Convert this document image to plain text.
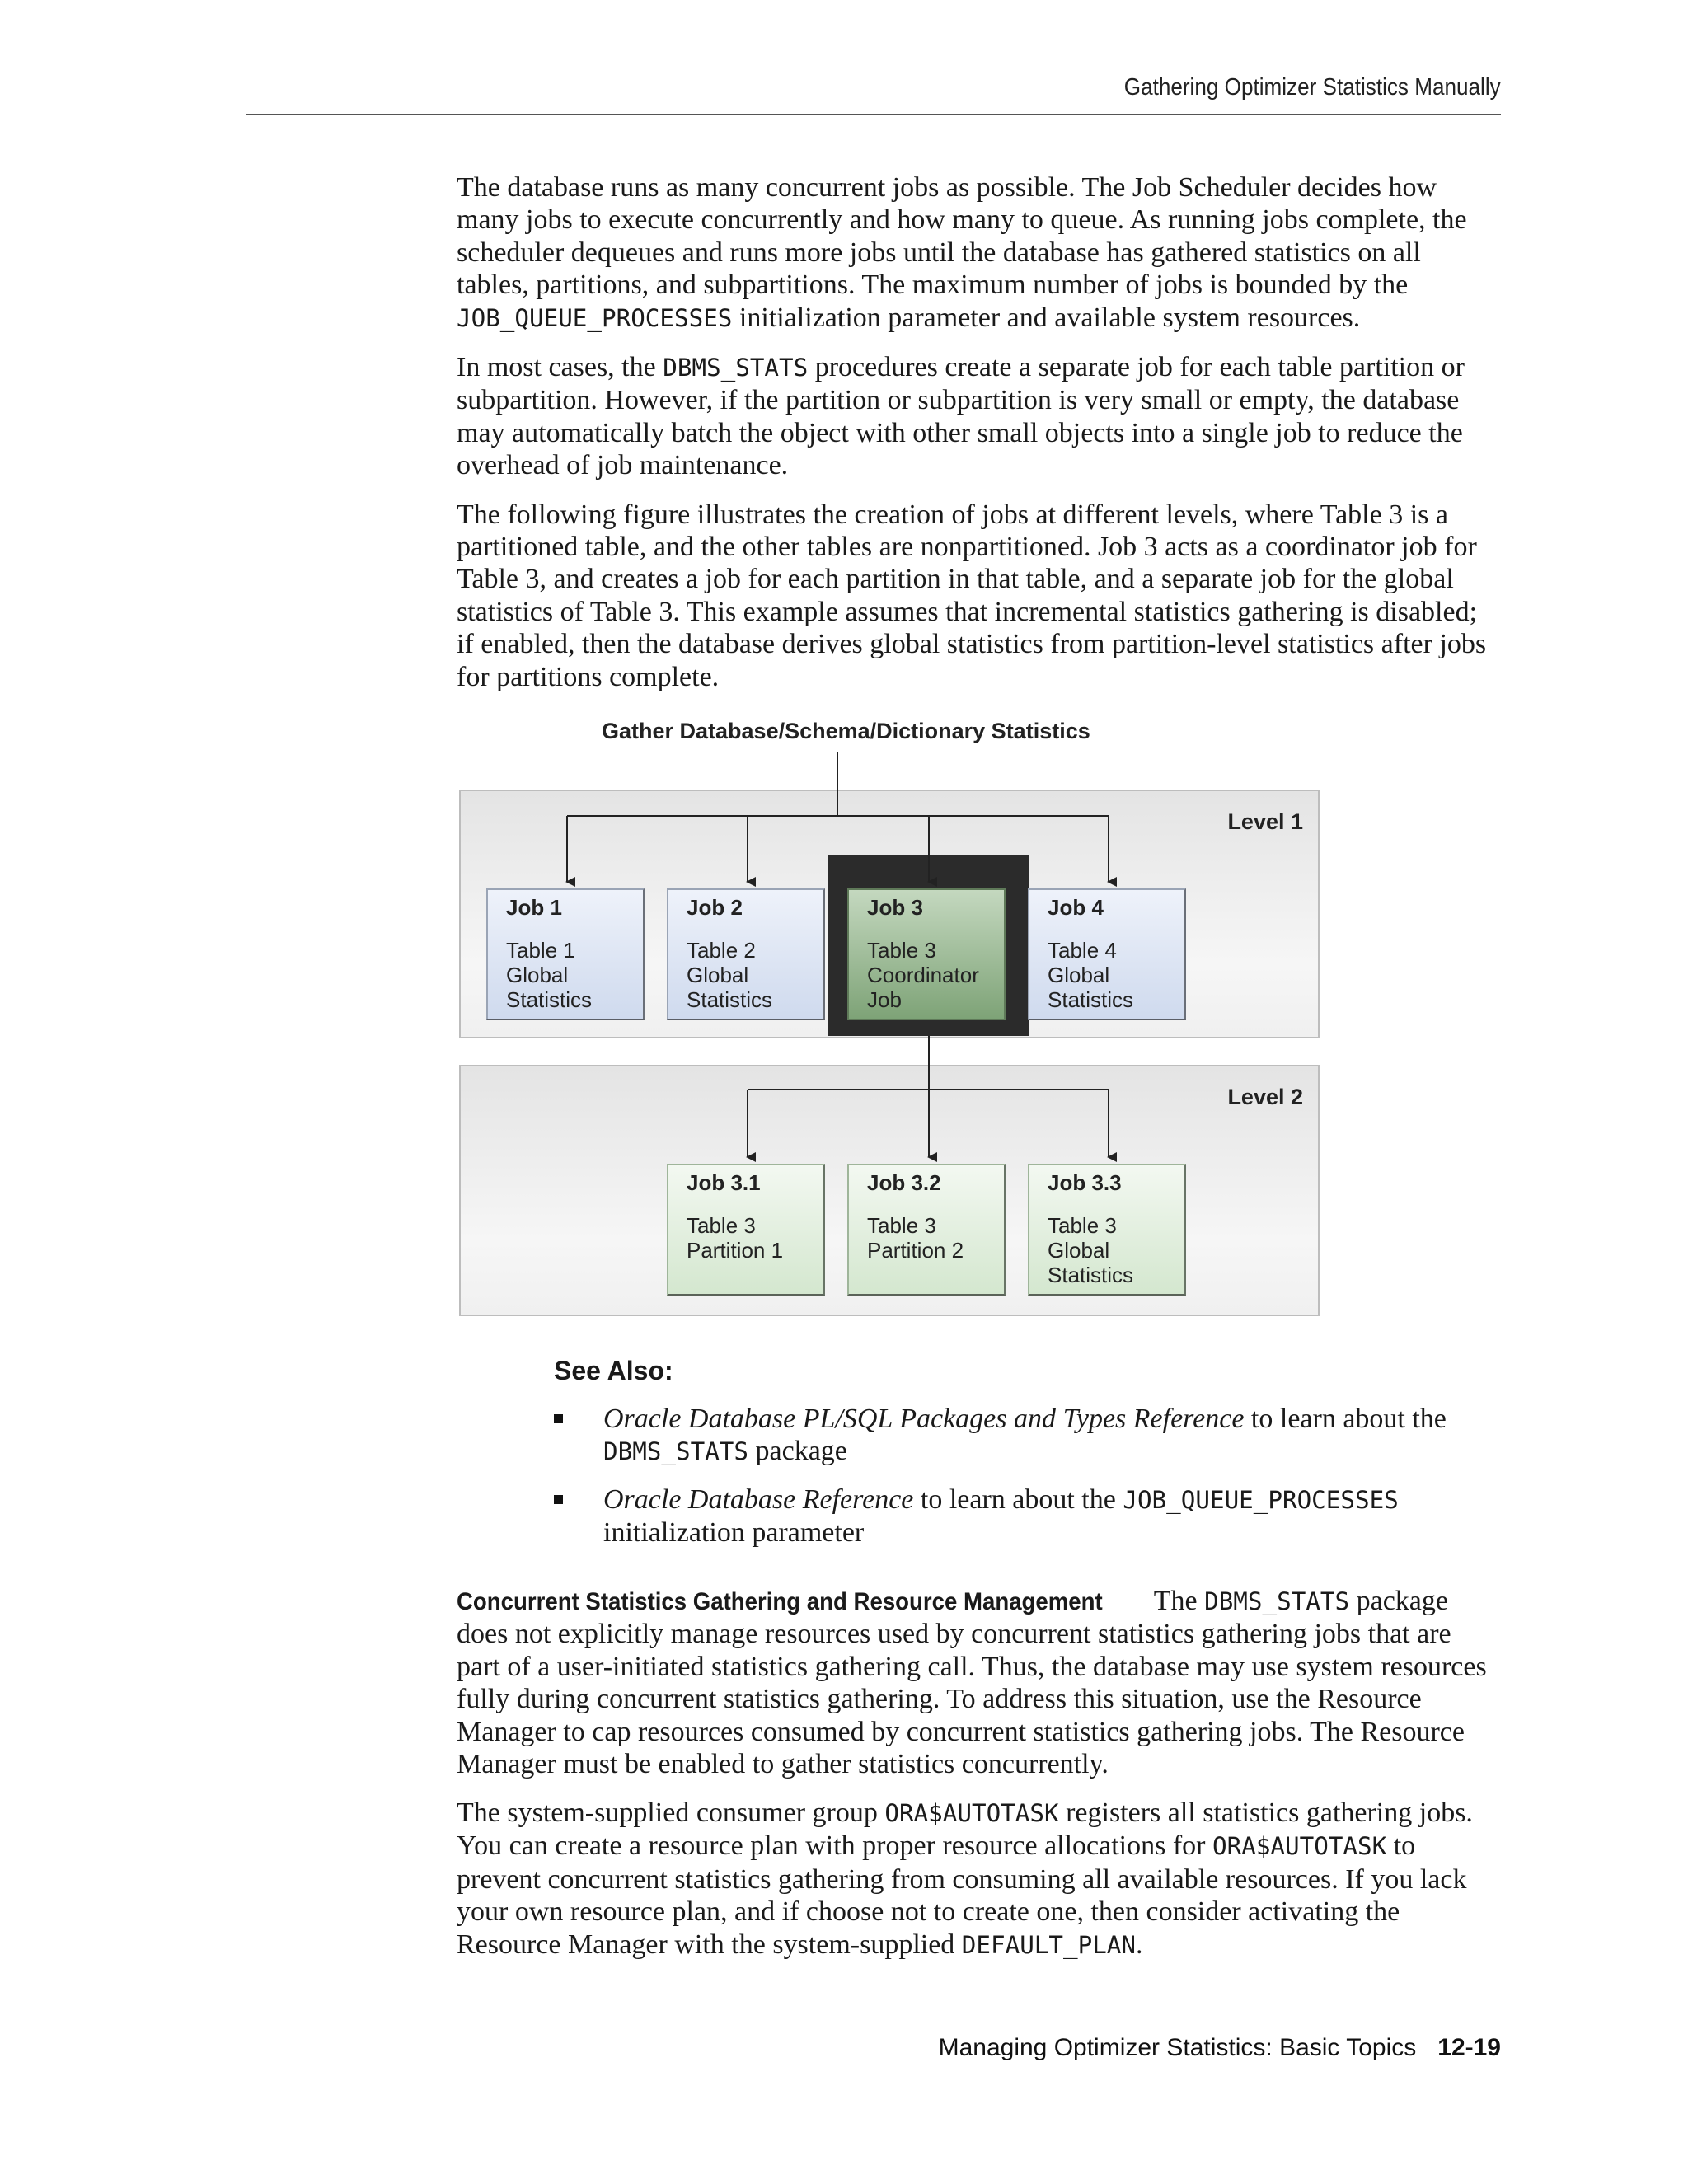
Gathering Optimizer Statistics Manually

The database runs as many concurrent jobs as possible. The Job Scheduler decides how many jobs to execute concurrently and how many to queue. As running jobs complete, the scheduler dequeues and runs more jobs until the database has gathered statistics on all tables, partitions, and subpartitions. The maximum number of jobs is bounded by the JOB_QUEUE_PROCESSES initialization parameter and available system resources.

In most cases, the DBMS_STATS procedures create a separate job for each table partition or subpartition. However, if the partition or subpartition is very small or empty, the database may automatically batch the object with other small objects into a single job to reduce the overhead of job maintenance.

The following figure illustrates the creation of jobs at different levels, where Table 3 is a partitioned table, and the other tables are nonpartitioned. Job 3 acts as a coordinator job for Table 3, and creates a job for each partition in that table, and a separate job for the global statistics of Table 3. This example assumes that incremental statistics gathering is disabled; if enabled, then the database derives global statistics from partition-level statistics after jobs for partitions complete.

Gather Database/Schema/Dictionary Statistics
Level 1
Level 2
Job 1
Table 1
Global
Statistics
Job 2
Table 2
Global
Statistics
Job 3
Table 3
Coordinator
Job
Job 4
Table 4
Global
Statistics
Job 3.1
Table 3
Partition 1
Job 3.2
Table 3
Partition 2
Job 3.3
Table 3
Global
Statistics
See Also:
Oracle Database PL/SQL Packages and Types Reference to learn about the DBMS_STATS package
Oracle Database Reference to learn about the JOB_QUEUE_PROCESSES initialization parameter

Concurrent Statistics Gathering and Resource Management The DBMS_STATS package does not explicitly manage resources used by concurrent statistics gathering jobs that are part of a user-initiated statistics gathering call. Thus, the database may use system resources fully during concurrent statistics gathering. To address this situation, use the Resource Manager to cap resources consumed by concurrent statistics gathering jobs. The Resource Manager must be enabled to gather statistics concurrently.

The system-supplied consumer group ORA$AUTOTASK registers all statistics gathering jobs. You can create a resource plan with proper resource allocations for ORA$AUTOTASK to prevent concurrent statistics gathering from consuming all available resources. If you lack your own resource plan, and if choose not to create one, then consider activating the Resource Manager with the system-supplied DEFAULT_PLAN.

Managing Optimizer Statistics: Basic Topics 12-19
